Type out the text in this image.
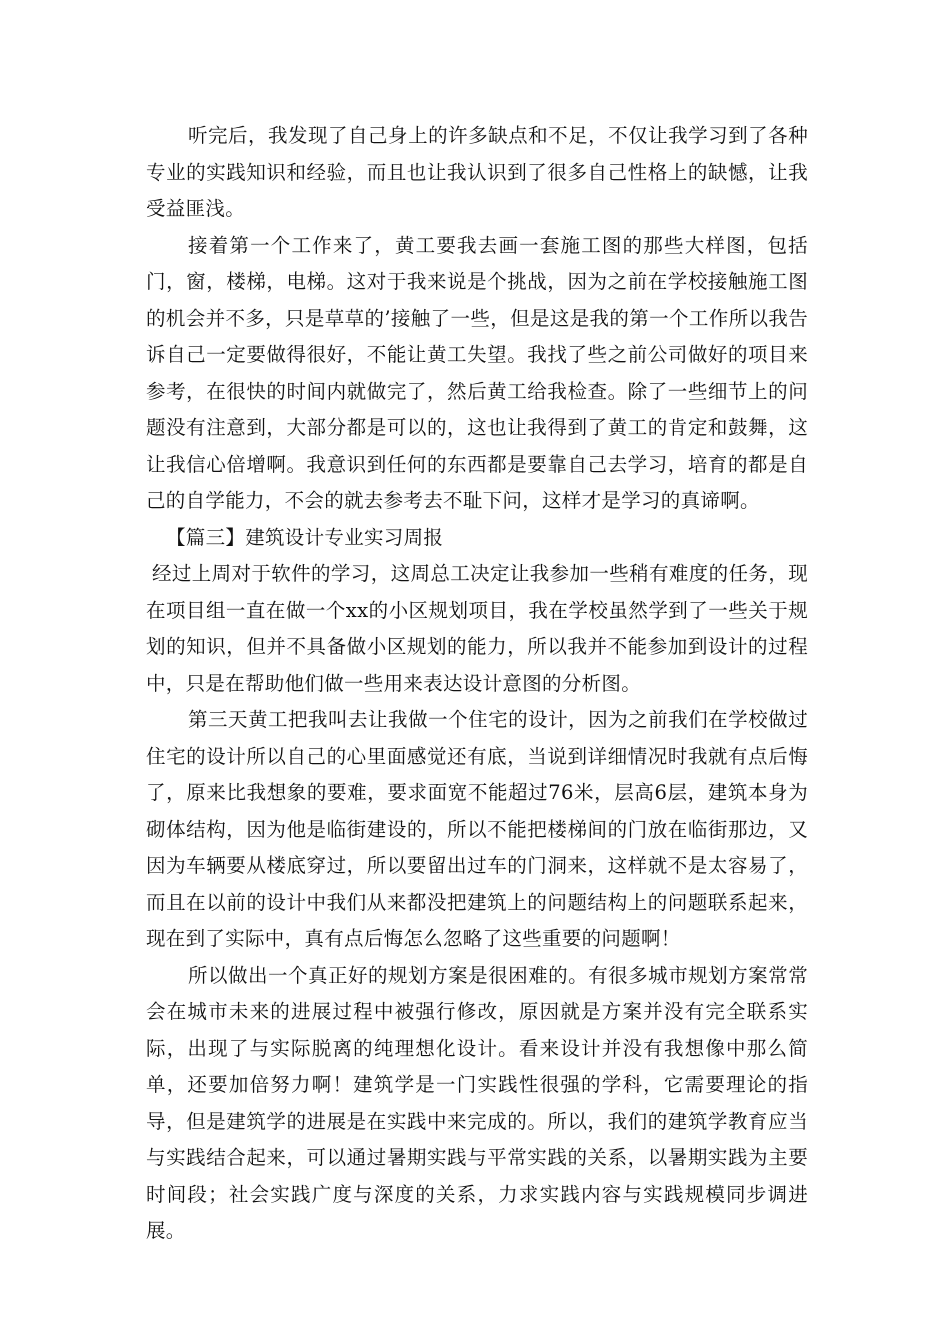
听完后，我发现了自己身上的许多缺点和不足，不仅让我学习到了各种专业的实践知识和经验，而且也让我认识到了很多自己性格上的缺憾，让我受益匪浅。

接着第一个工作来了，黄工要我去画一套施工图的那些大样图，包括门，窗，楼梯，电梯。这对于我来说是个挑战，因为之前在学校接触施工图的机会并不多，只是草草的’接触了一些，但是这是我的第一个工作所以我告诉自己一定要做得很好，不能让黄工失望。我找了些之前公司做好的项目来参考，在很快的时间内就做完了，然后黄工给我检查。除了一些细节上的问题没有注意到，大部分都是可以的，这也让我得到了黄工的肯定和鼓舞，这让我信心倍增啊。我意识到任何的东西都是要靠自己去学习，培育的都是自己的自学能力，不会的就去参考去不耻下问，这样才是学习的真谛啊。

【篇三】建筑设计专业实习周报

经过上周对于软件的学习，这周总工决定让我参加一些稍有难度的任务，现在项目组一直在做一个xx的小区规划项目，我在学校虽然学到了一些关于规划的知识，但并不具备做小区规划的能力，所以我并不能参加到设计的过程中，只是在帮助他们做一些用来表达设计意图的分析图。

第三天黄工把我叫去让我做一个住宅的设计，因为之前我们在学校做过住宅的设计所以自己的心里面感觉还有底，当说到详细情况时我就有点后悔了，原来比我想象的要难，要求面宽不能超过76米，层高6层，建筑本身为砌体结构，因为他是临街建设的，所以不能把楼梯间的门放在临街那边，又因为车辆要从楼底穿过，所以要留出过车的门洞来，这样就不是太容易了，而且在以前的设计中我们从来都没把建筑上的问题结构上的问题联系起来，现在到了实际中，真有点后悔怎么忽略了这些重要的问题啊！

所以做出一个真正好的规划方案是很困难的。有很多城市规划方案常常会在城市未来的进展过程中被强行修改，原因就是方案并没有完全联系实际，出现了与实际脱离的纯理想化设计。看来设计并没有我想像中那么简单，还要加倍努力啊！建筑学是一门实践性很强的学科，它需要理论的指导，但是建筑学的进展是在实践中来完成的。所以，我们的建筑学教育应当与实践结合起来，可以通过暑期实践与平常实践的关系，以暑期实践为主要时间段；社会实践广度与深度的关系，力求实践内容与实践规模同步调进展。
